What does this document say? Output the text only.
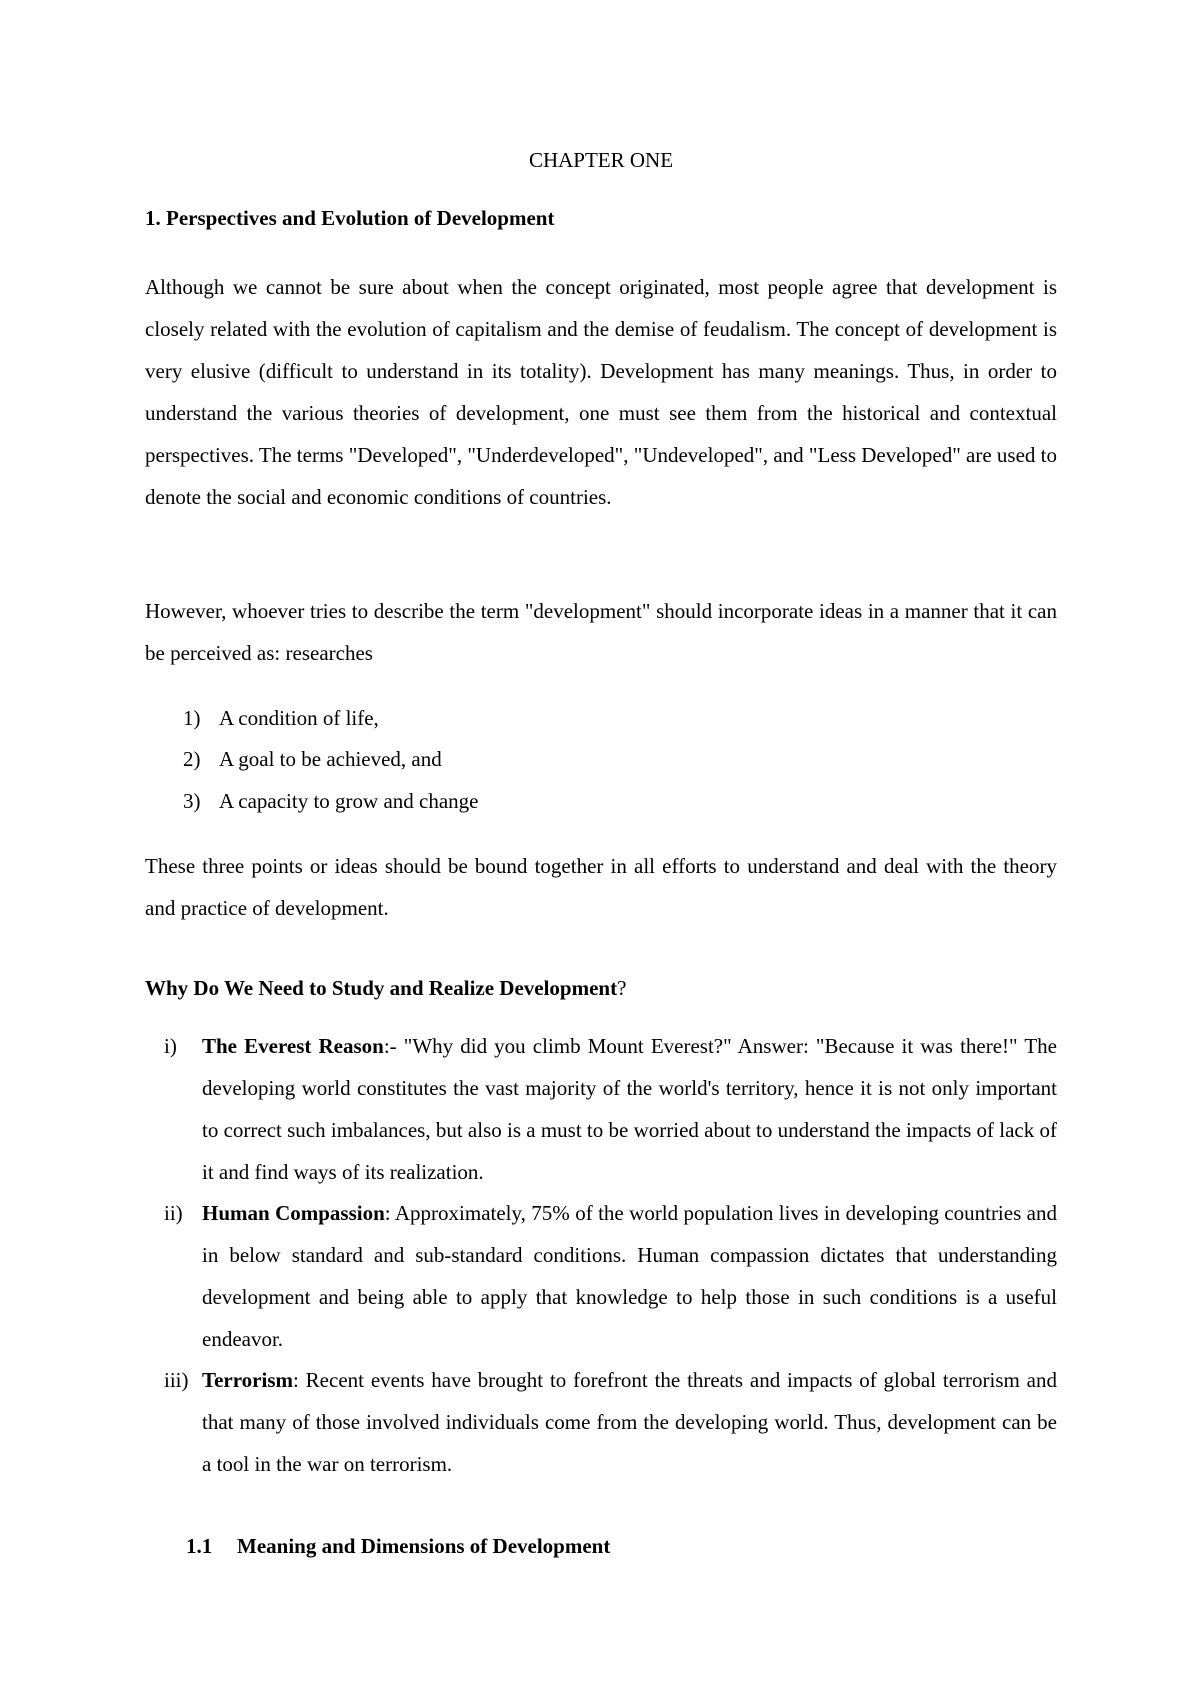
CHAPTER ONE
1. Perspectives and Evolution of Development

Although we cannot be sure about when the concept originated, most people agree that development is closely related with the evolution of capitalism and the demise of feudalism. The concept of development is very elusive (difficult to understand in its totality). Development has many meanings. Thus, in order to understand the various theories of development, one must see them from the historical and contextual perspectives. The terms "Developed", "Underdeveloped", "Undeveloped", and "Less Developed" are used to denote the social and economic conditions of countries.

However, whoever tries to describe the term "development" should incorporate ideas in a manner that it can be perceived as: researches

1) A condition of life,
2) A goal to be achieved, and
3) A capacity to grow and change

These three points or ideas should be bound together in all efforts to understand and deal with the theory and practice of development.

Why Do We Need to Study and Realize Development?
i) The Everest Reason:- "Why did you climb Mount Everest?" Answer: "Because it was there!" The developing world constitutes the vast majority of the world's territory, hence it is not only important to correct such imbalances, but also is a must to be worried about to understand the impacts of lack of it and find ways of its realization.
ii) Human Compassion: Approximately, 75% of the world population lives in developing countries and in below standard and sub-standard conditions. Human compassion dictates that understanding development and being able to apply that knowledge to help those in such conditions is a useful endeavor.
iii) Terrorism: Recent events have brought to forefront the threats and impacts of global terrorism and that many of those involved individuals come from the developing world. Thus, development can be a tool in the war on terrorism.
1.1 Meaning and Dimensions of Development
